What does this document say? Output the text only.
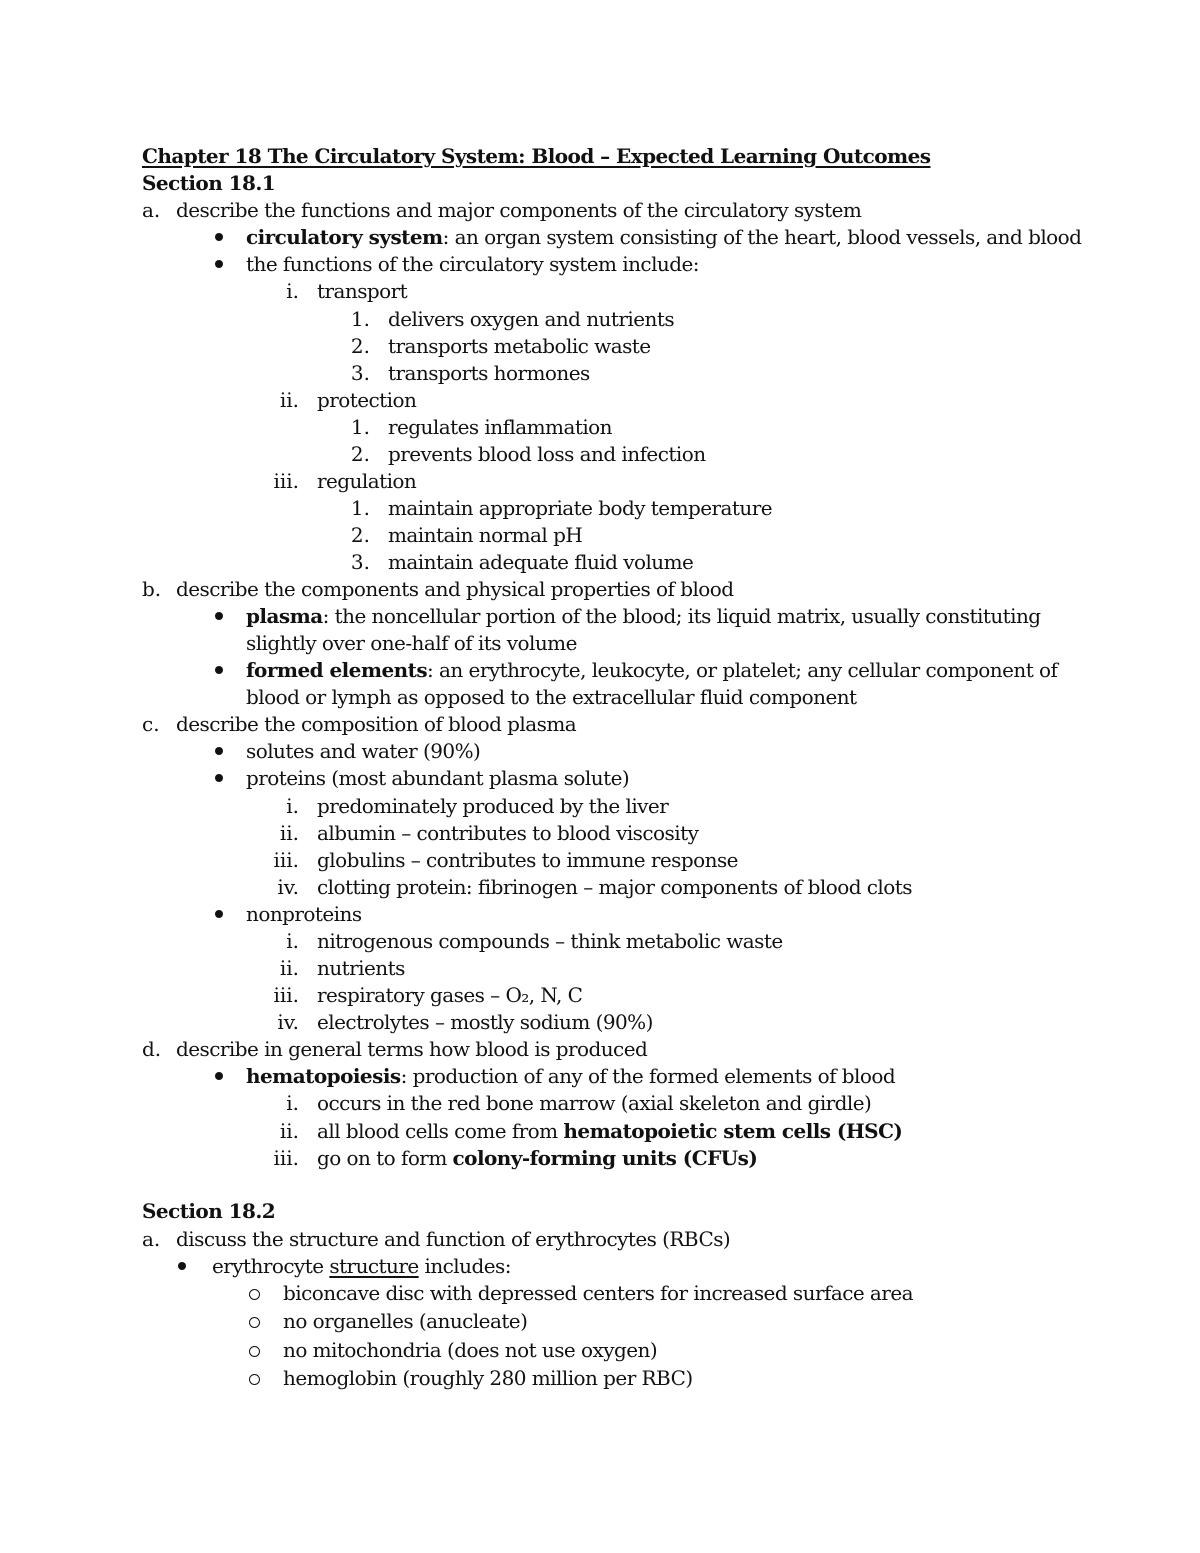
Chapter 18 The Circulatory System: Blood – Expected Learning Outcomes
Section 18.1
a. describe the functions and major components of the circulatory system
circulatory system: an organ system consisting of the heart, blood vessels, and blood
the functions of the circulatory system include:
i. transport
1. delivers oxygen and nutrients
2. transports metabolic waste
3. transports hormones
ii. protection
1. regulates inflammation
2. prevents blood loss and infection
iii. regulation
1. maintain appropriate body temperature
2. maintain normal pH
3. maintain adequate fluid volume
b. describe the components and physical properties of blood
plasma: the noncellular portion of the blood; its liquid matrix, usually constituting
slightly over one-half of its volume
formed elements: an erythrocyte, leukocyte, or platelet; any cellular component of
blood or lymph as opposed to the extracellular fluid component
c. describe the composition of blood plasma
solutes and water (90%)
proteins (most abundant plasma solute)
i. predominately produced by the liver
ii. albumin – contributes to blood viscosity
iii. globulins – contributes to immune response
iv. clotting protein: fibrinogen – major components of blood clots
nonproteins
i. nitrogenous compounds – think metabolic waste
ii. nutrients
iii. respiratory gases – O₂, N, C
iv. electrolytes – mostly sodium (90%)
d. describe in general terms how blood is produced
hematopoiesis: production of any of the formed elements of blood
i. occurs in the red bone marrow (axial skeleton and girdle)
ii. all blood cells come from hematopoietic stem cells (HSC)
iii. go on to form colony-forming units (CFUs)
Section 18.2
a. discuss the structure and function of erythrocytes (RBCs)
erythrocyte structure includes:
biconcave disc with depressed centers for increased surface area
no organelles (anucleate)
no mitochondria (does not use oxygen)
hemoglobin (roughly 280 million per RBC)
